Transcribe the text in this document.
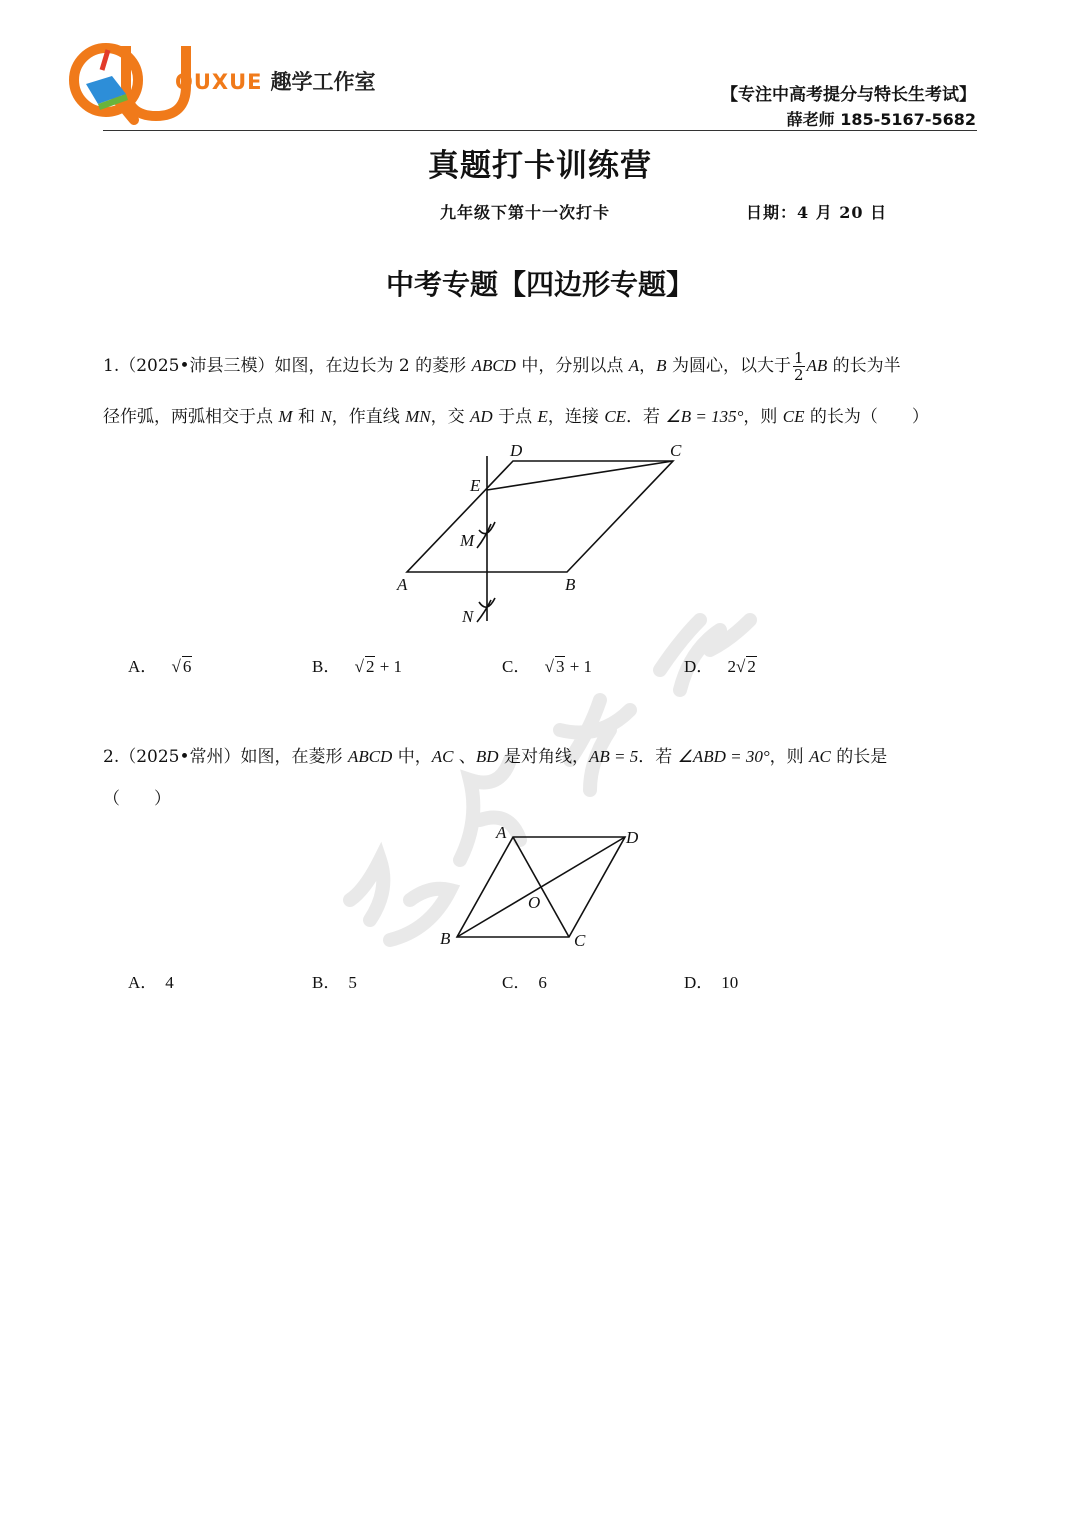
QUXUE 趣学工作室
【专注中高考提分与特长生考试】
薛老师 185-5167-5682
真题打卡训练营
九年级下第十一次打卡	日期：4 月 20 日
中考专题【四边形专题】
1.（2025•沛县三模）如图，在边长为 2 的菱形 ABCD 中，分别以点 A，B 为圆心，以大于 $\frac{1}{2}$ AB 的长为半
径作弧，两弧相交于点 M 和 N，作直线 MN，交 AD 于点 E，连接 CE．若 ∠B = 135°，则 CE 的长为（　　）
A	B
C
D
E
M
N
A． √ 6	B． √ 2 + 1	C． √ 3 + 1	D． 2√ 2
2.（2025•常州）如图，在菱形 ABCD 中，AC 、BD 是对角线，AB = 5．若 ∠ABD = 30°，则 AC 的长是
（　　）
A
B	C
D
O
A． 4	B． 5	C． 6	D． 10
